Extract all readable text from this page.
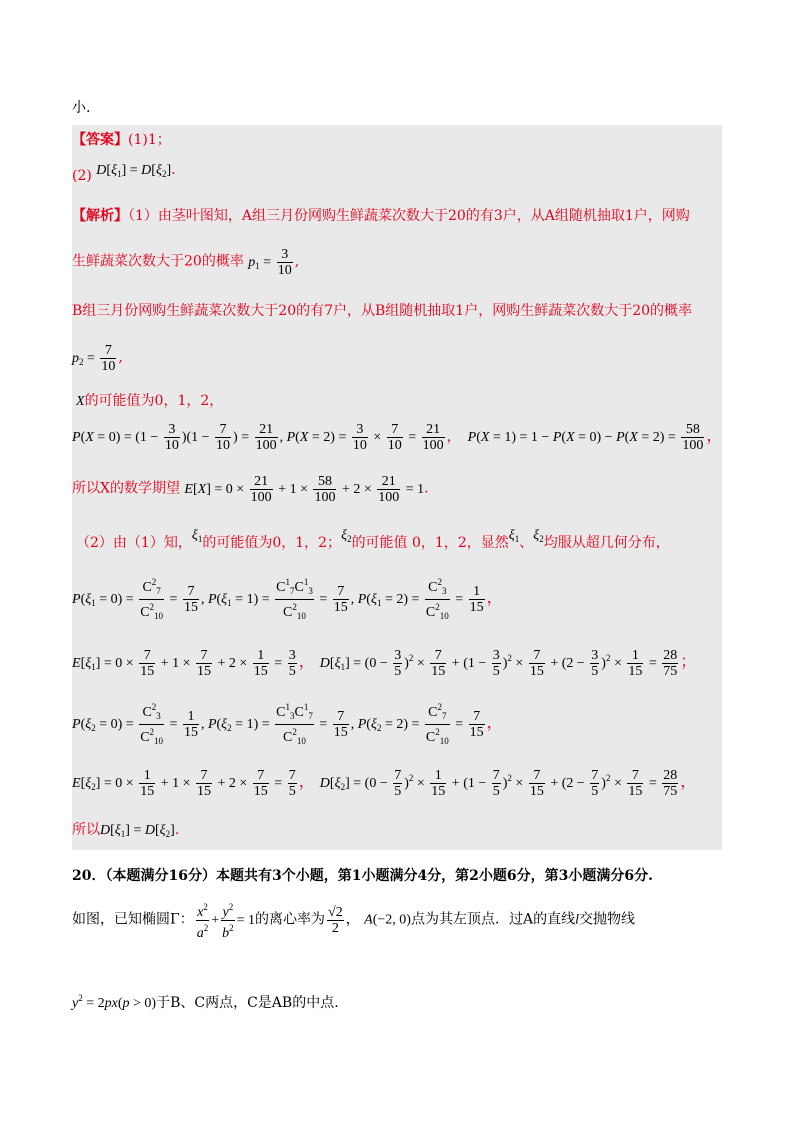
小.
【答案】(1)1；
(2) $D[\xi_1] = D[\xi_2]$.
【解析】（1）由茎叶图知，A组三月份网购生鲜蔬菜次数大于20的有3户，从A组随机抽取1户，网购
生鲜蔬菜次数大于20的概率 $p_1 = \frac{3}{10}$ ,
B组三月份网购生鲜蔬菜次数大于20的有7户，从B组随机抽取1户，网购生鲜蔬菜次数大于20的概率
$p_2 = \frac{7}{10}$ ,
X的可能值为0，1，2，
$P(X = 0) = (1 - \frac{3}{10} )(1 - \frac{7}{10}$ ) = $\frac{21}{100}$ , $P(X = 2) = \frac{3}{10} \times \frac{7}{10} = \frac{21}{100}$ ， $P(X = 1) = 1 - P(X = 0) - P(X = 2) = \frac{58}{100}$ ，
所以X的数学期望 $E[X] = 0 \times \frac{21}{100} + 1 \times \frac{58}{100} + 2 \times \frac{21}{100} = 1$.
（2）由（1）知，$\xi_1$的可能值为0，1，2；$\xi_2$的可能值 0，1，2，显然$\xi_1$、$\xi_2$均服从超几何分布，
$P(\xi_1 = 0) = \frac{C^2_7}{C^2_{10}} = \frac{7}{15}$ , $P(\xi_1 = 1) = \frac{C^1_7C^1_3}{C^2_{10}} = \frac{7}{15}$ , $P(\xi_1 = 2) = \frac{C^2_3}{C^2_{10}} = \frac{1}{15}$ ，
$E[\xi_1] = 0 \times \frac{7}{15} + 1 \times \frac{7}{15} + 2 \times \frac{1}{15} = \frac{3}{5}$ ， $D[\xi_1] = (0 - \frac{3}{5} )^2 \times \frac{7}{15} + (1 - \frac{3}{5} )^2 \times \frac{7}{15} + (2 - \frac{3}{5} )^2 \times \frac{1}{15} = \frac{28}{75}$ ；
$P(\xi_2 = 0) = \frac{C^2_3}{C^2_{10}} = \frac{1}{15}$ , $P(\xi_2 = 1) = \frac{C^1_3C^1_7}{C^2_{10}} = \frac{7}{15}$ , $P(\xi_2 = 2) = \frac{C^2_7}{C^2_{10}} = \frac{7}{15}$ ，
$E[\xi_2] = 0 \times \frac{1}{15} + 1 \times \frac{7}{15} + 2 \times \frac{7}{15} = \frac{7}{5}$ ， $D[\xi_2] = (0 - \frac{7}{5} )^2 \times \frac{1}{15} + (1 - \frac{7}{5} )^2 \times \frac{7}{15} + (2 - \frac{7}{5} )^2 \times \frac{7}{15} = \frac{28}{75}$ ，
所以$D[\xi_1] = D[\xi_2]$.
20．（本题满分16分）本题共有3个小题，第1小题满分4分，第2小题6分，第3小题满分6分.
如图，已知椭圆Γ： $\frac{x^2}{a^2} + \frac{y^2}{b^2} = 1$的离心率为 $\frac{√2}{2}$ ， A(−2, 0)点为其左顶点．过A的直线l交抛物线
$y^2 = 2px(p > 0)$于B、C两点，C是AB的中点.
